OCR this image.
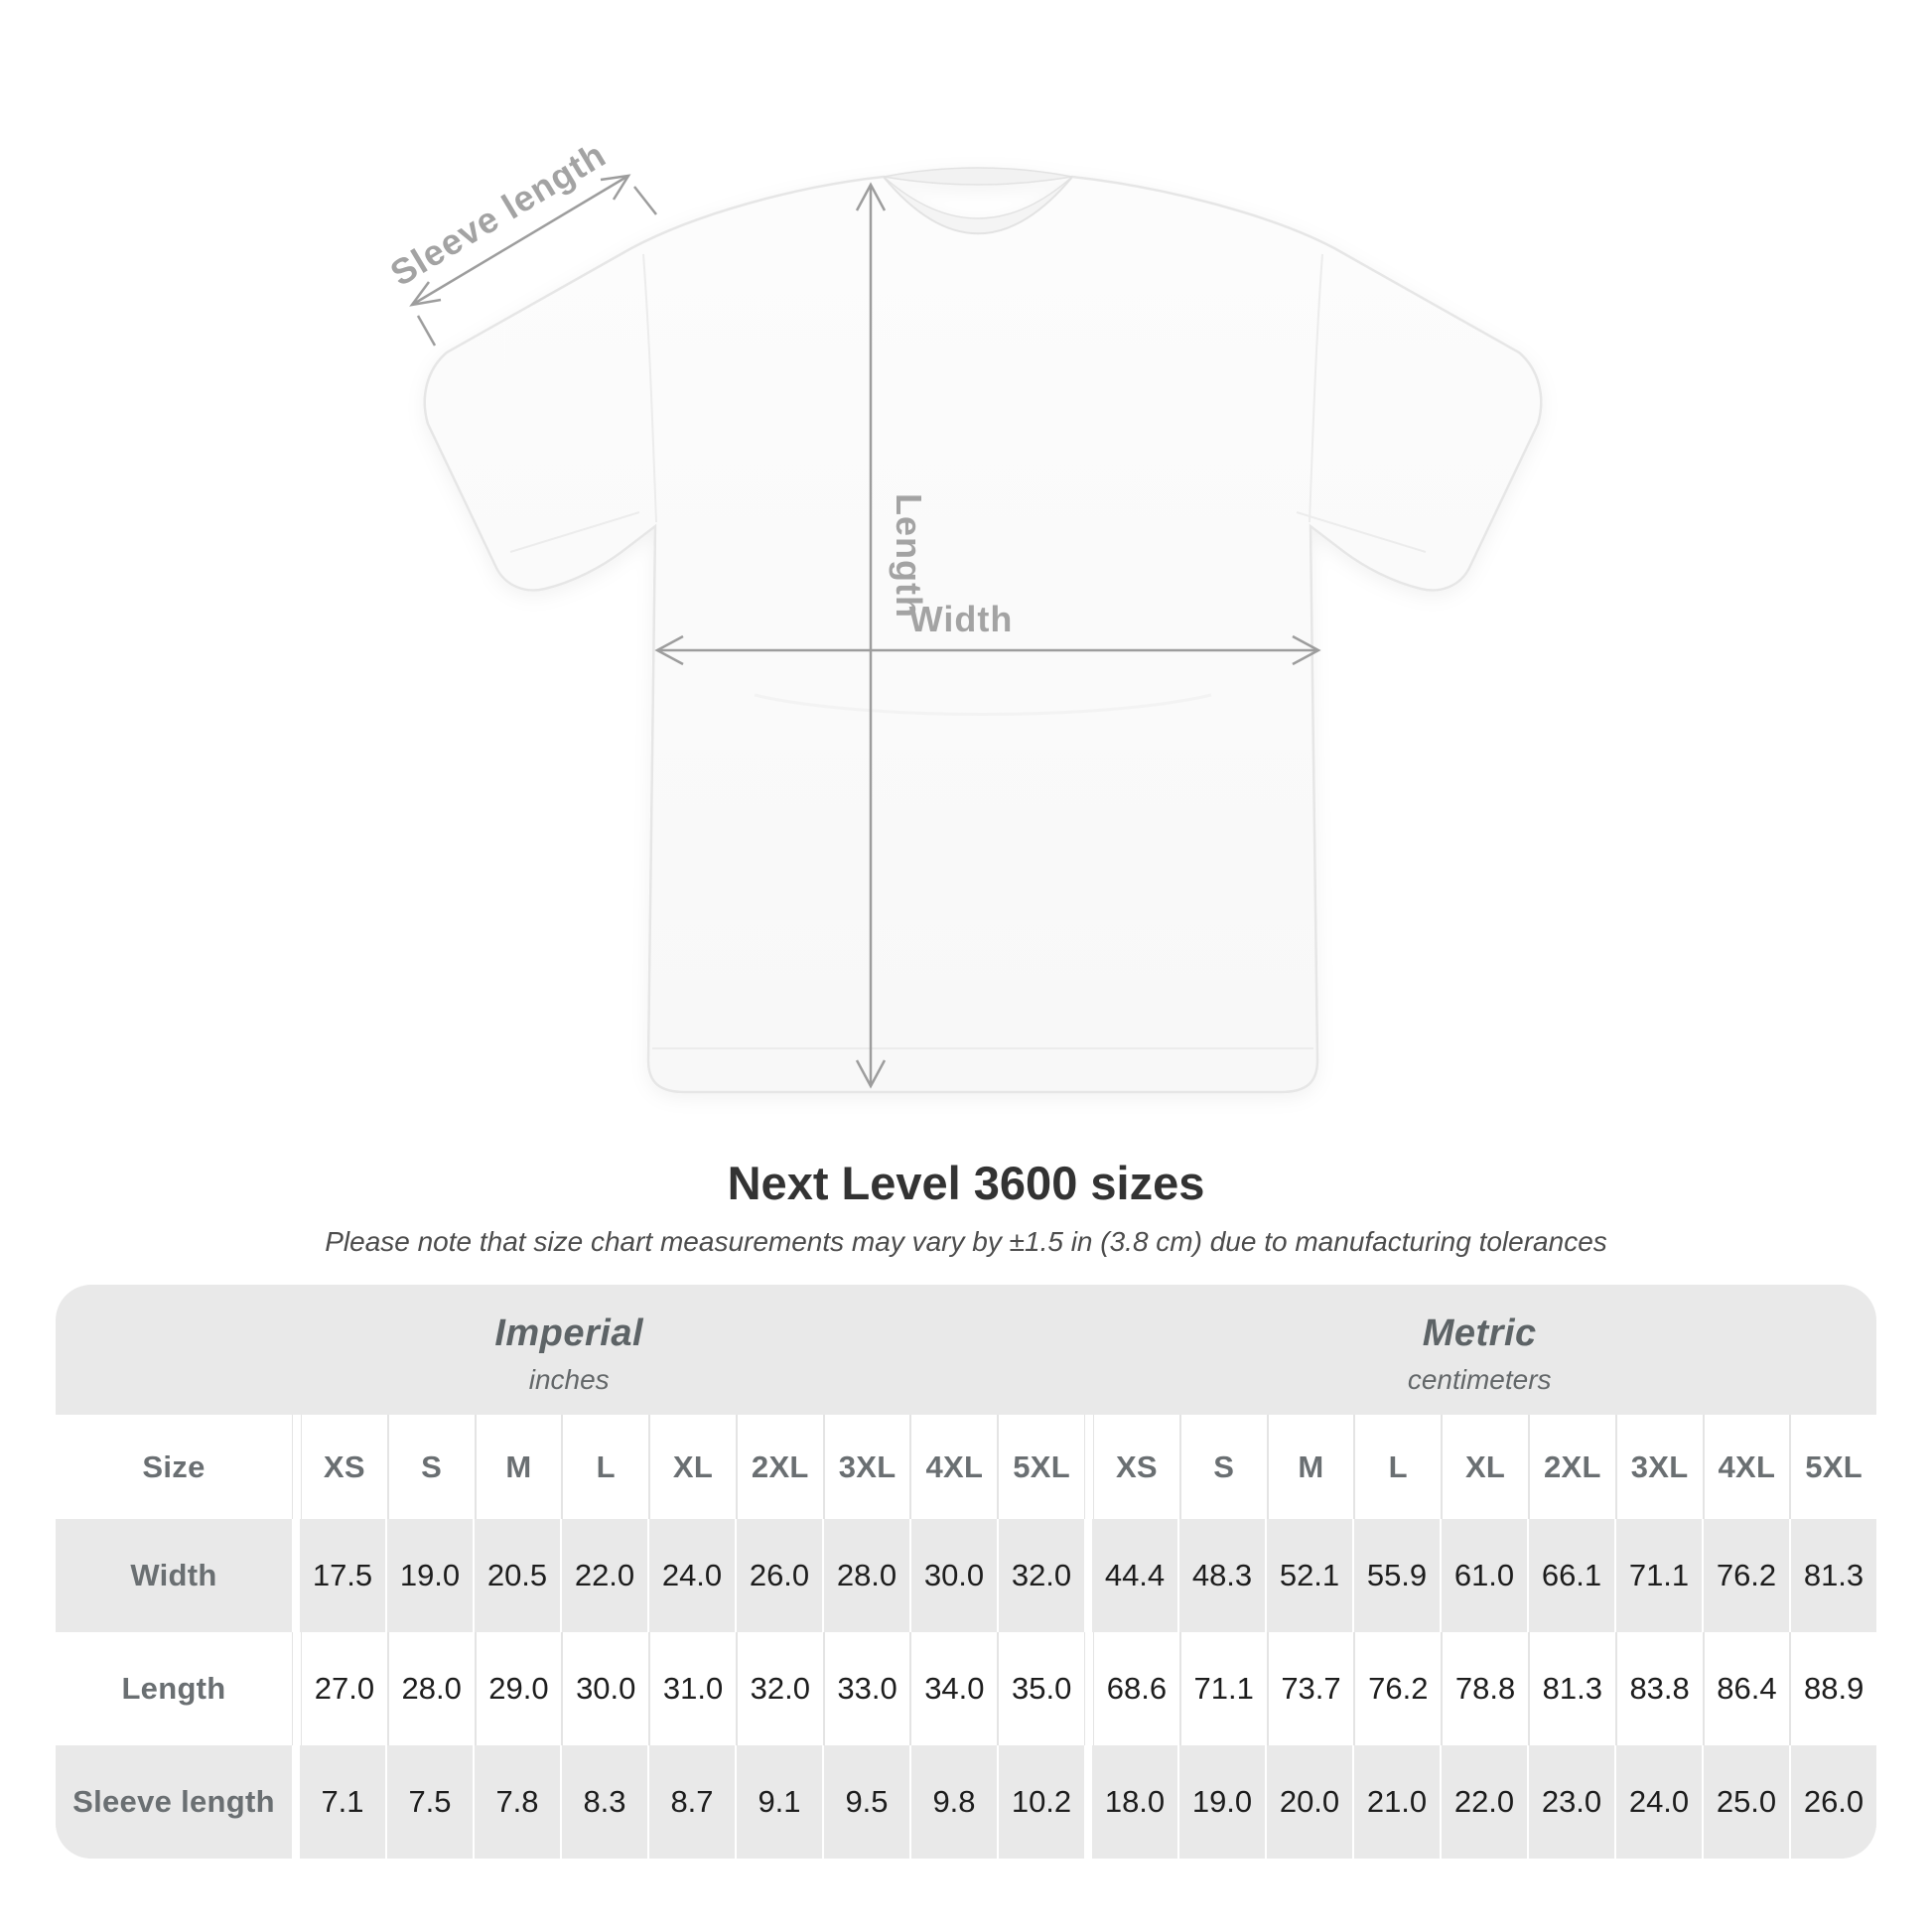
Sleeve length
Length
Width
Next Level 3600 sizes

Please note that size chart measurements may vary by ±1.5 in (3.8 cm) due to manufacturing tolerances

Imperial
inches
Metric
centimeters
Size	XS	S	M	L	XL	2XL 3XL 4XL 5XL	XS	S	M	L	XL	2XL 3XL 4XL 5XL
Width	17.5 19.0 20.5 22.0 24.0 26.0 28.0 30.0 32.0	44.4 48.3 52.1 55.9 61.0 66.1 71.1 76.2 81.3
Length	27.0 28.0 29.0 30.0 31.0 32.0 33.0 34.0 35.0	68.6 71.1 73.7 76.2 78.8 81.3 83.8 86.4 88.9
Sleeve length	7.1	7.5	7.8	8.3	8.7	9.1	9.5	9.8	10.2	18.0 19.0 20.0 21.0 22.0 23.0 24.0 25.0 26.0
